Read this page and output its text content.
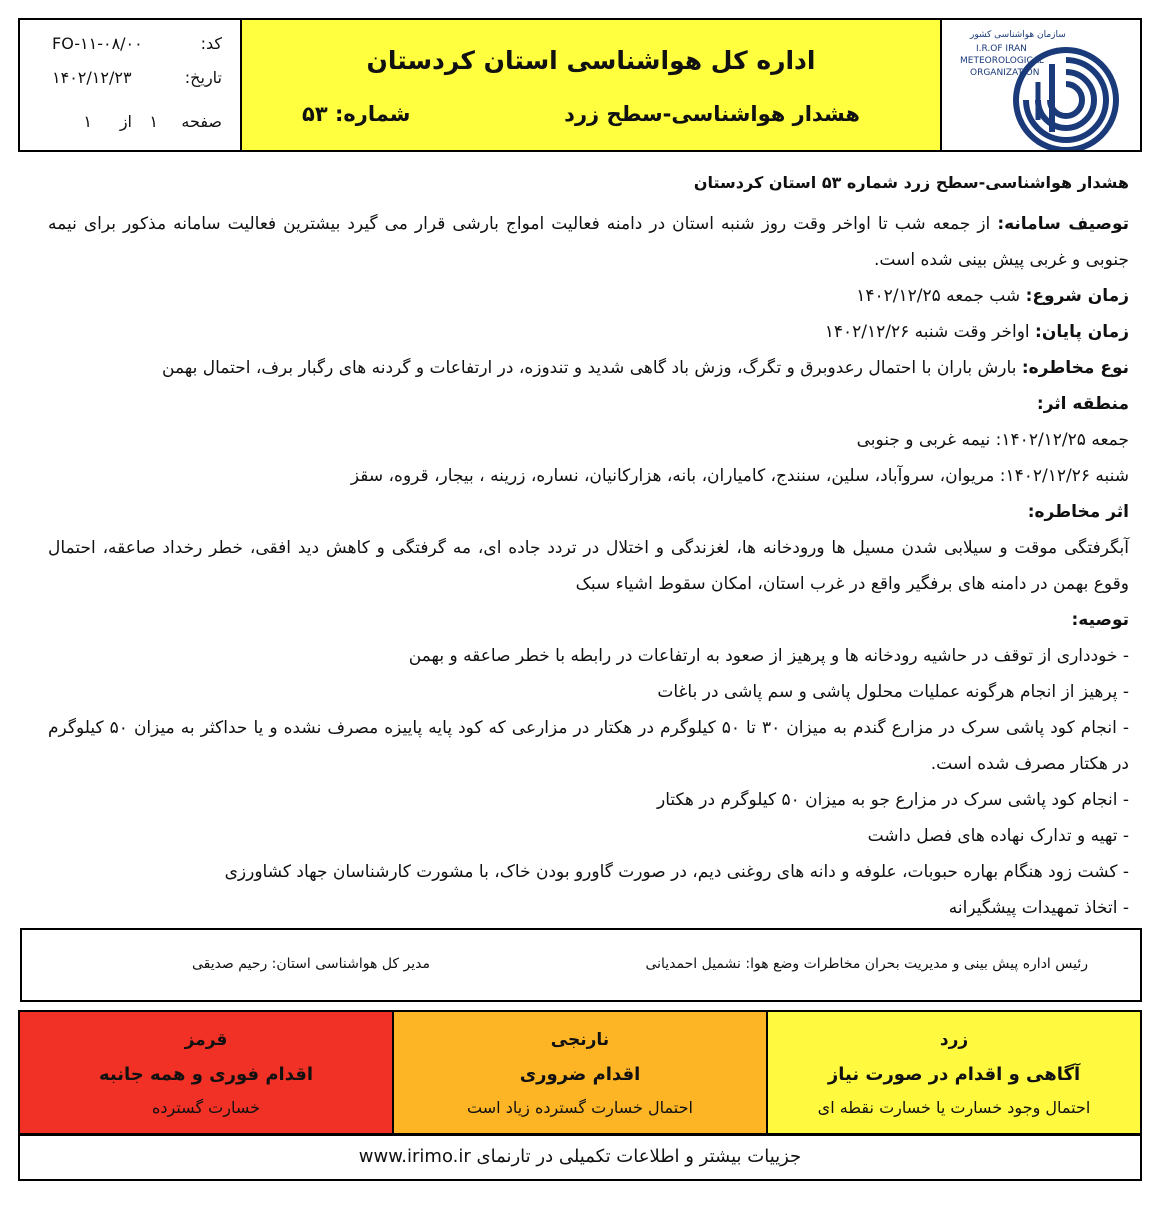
کد:
FO-۱۱-۰۸/۰۰
تاریخ:
۱۴۰۲/۱۲/۲۳
صفحه
۱
از
۱
اداره کل هواشناسی استان کردستان
هشدار هواشناسی-سطح زرد
شماره: ۵۳
سازمان هواشناسی کشور
I.R.OF IRAN
METEOROLOGICAL
ORGANIZATION

هشدار هواشناسی-سطح زرد شماره ۵۳ استان کردستان

توصیف سامانه: از جمعه شب تا اواخر وقت روز شنبه استان در دامنه فعالیت امواج بارشی قرار می گیرد بیشترین فعالیت سامانه مذکور برای نیمه جنوبی و غربی پیش بینی شده است.

زمان شروع: شب جمعه ۱۴۰۲/۱۲/۲۵

زمان پایان: اواخر وقت شنبه ۱۴۰۲/۱۲/۲۶

نوع مخاطره: بارش باران با احتمال رعدوبرق و تگرگ، وزش باد گاهی شدید و تندوزه، در ارتفاعات و گردنه های رگبار برف، احتمال بهمن

منطقه اثر:

جمعه ۱۴۰۲/۱۲/۲۵: نیمه غربی و جنوبی

شنبه ۱۴۰۲/۱۲/۲۶: مریوان، سروآباد، سلین، سنندج، کامیاران، بانه، هزارکانیان، نساره، زرینه ، بیجار، قروه، سقز

اثر مخاطره:

آبگرفتگی موقت و سیلابی شدن مسیل ها ورودخانه ها، لغزندگی و اختلال در تردد جاده ای، مه گرفتگی و کاهش دید افقی، خطر رخداد صاعقه، احتمال وقوع بهمن در دامنه های برفگیر واقع در غرب استان، امکان سقوط اشیاء سبک

توصیه:

- خودداری از توقف در حاشیه رودخانه ها و پرهیز از صعود به ارتفاعات در رابطه با خطر صاعقه و بهمن

- پرهیز از انجام هرگونه عملیات محلول پاشی و سم پاشی در باغات

- انجام کود پاشی سرک در مزارع گندم به میزان ۳۰ تا ۵۰ کیلوگرم در هکتار در مزارعی که کود پایه پاییزه مصرف نشده و یا حداکثر به میزان ۵۰ کیلوگرم در هکتار مصرف شده است.

- انجام کود پاشی سرک در مزارع جو به میزان ۵۰ کیلوگرم در هکتار

- تهیه و تدارک نهاده های فصل داشت

- کشت زود هنگام بهاره حبوبات، علوفه و دانه های روغنی دیم، در صورت گاورو بودن خاک، با مشورت کارشناسان جهاد کشاورزی

- اتخاذ تمهیدات پیشگیرانه

رئیس اداره پیش بینی و مدیریت بحران مخاطرات وضع هوا: نشمیل احمدیانی
مدیر کل هواشناسی استان: رحیم صدیقی
قرمز
اقدام فوری و همه جانبه
خسارت گسترده
نارنجی
اقدام ضروری
احتمال خسارت گسترده زیاد است
زرد
آگاهی و اقدام در صورت نیاز
احتمال وجود خسارت یا خسارت نقطه ای
جزییات بیشتر و اطلاعات تکمیلی در تارنمای www.irimo.ir
